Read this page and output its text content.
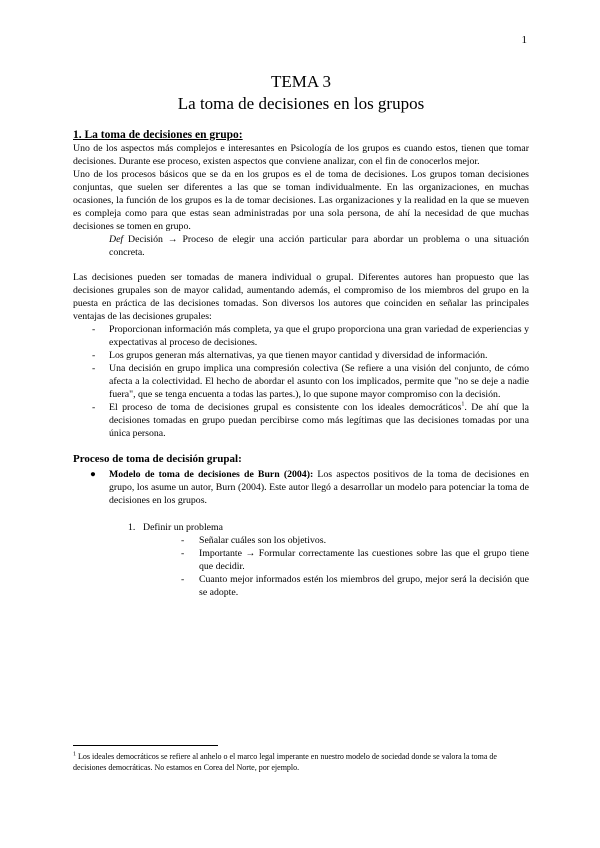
1
TEMA 3
La toma de decisiones en los grupos
1. La toma de decisiones en grupo:

Uno de los aspectos más complejos e interesantes en Psicología de los grupos es cuando estos, tienen que tomar decisiones. Durante ese proceso, existen aspectos que conviene analizar, con el fin de conocerlos mejor.

Uno de los procesos básicos que se da en los grupos es el de toma de decisiones. Los grupos toman decisiones conjuntas, que suelen ser diferentes a las que se toman individualmente. En las organizaciones, en muchas ocasiones, la función de los grupos es la de tomar decisiones. Las organizaciones y la realidad en la que se mueven es compleja como para que estas sean administradas por una sola persona, de ahí la necesidad de que muchas decisiones se tomen en grupo.

Def Decisión → Proceso de elegir una acción particular para abordar un problema o una situación concreta.

Las decisiones pueden ser tomadas de manera individual o grupal. Diferentes autores han propuesto que las decisiones grupales son de mayor calidad, aumentando además, el compromiso de los miembros del grupo en la puesta en práctica de las decisiones tomadas. Son diversos los autores que coinciden en señalar las principales ventajas de las decisiones grupales:

- Proporcionan información más completa, ya que el grupo proporciona una gran variedad de experiencias y expectativas al proceso de decisiones.
- Los grupos generan más alternativas, ya que tienen mayor cantidad y diversidad de información.
- Una decisión en grupo implica una compresión colectiva (Se refiere a una visión del conjunto, de cómo afecta a la colectividad. El hecho de abordar el asunto con los implicados, permite que "no se deje a nadie fuera", que se tenga encuenta a todas las partes.), lo que supone mayor compromiso con la decisión.
- El proceso de toma de decisiones grupal es consistente con los ideales democráticos$^1$. De ahí que la decisiones tomadas en grupo puedan percibirse como más legítimas que las decisiones tomadas por una única persona.
Proceso de toma de decisión grupal:
● Modelo de toma de decisiones de Burn (2004): Los aspectos positivos de la toma de decisiones en grupo, los asume un autor, Burn (2004). Este autor llegó a desarrollar un modelo para potenciar la toma de decisiones en los grupos.
1. Definir un problema
- Señalar cuáles son los objetivos.
- Importante → Formular correctamente las cuestiones sobre las que el grupo tiene que decidir.
- Cuanto mejor informados estén los miembros del grupo, mejor será la decisión que se adopte.
$^1$ Los ideales democráticos se refiere al anhelo o el marco legal imperante en nuestro modelo de sociedad donde se valora la toma de decisiones democráticas. No estamos en Corea del Norte, por ejemplo.
